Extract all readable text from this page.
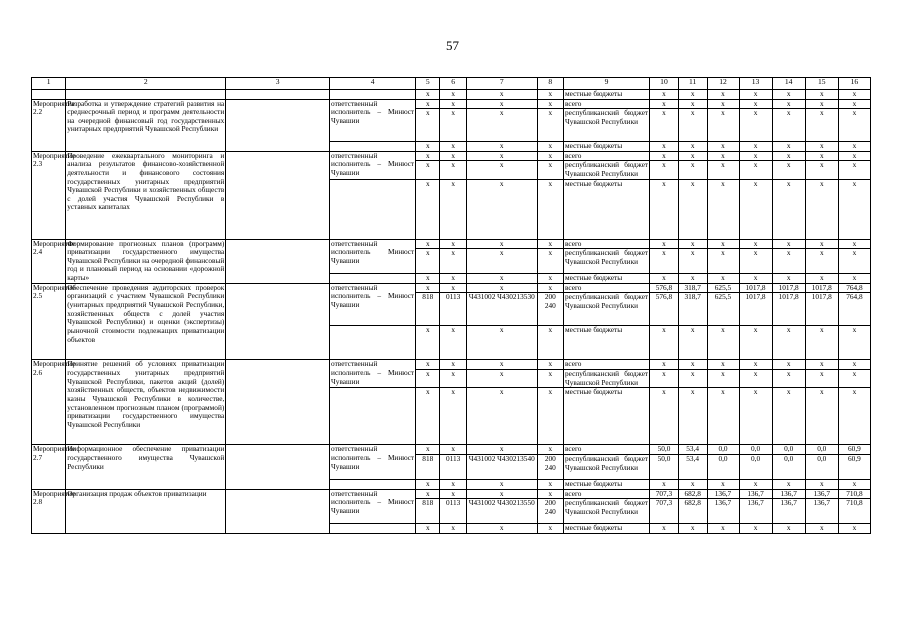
57
1	2	3	4	5	6	7	8	9	10	11	12	13	14	15	16
				x	x	x	x	местные бюджеты	x	x	x	x	x	x	x
Мероприятие 2.2	Разработка и утверждение стратегий развития на среднесрочный период и программ деятельности на очередной финансовый год государственных унитарных предприятий Чувашской Республики		ответственный исполнитель – Минюст Чувашии	x	x	x	x	всего	x	x	x	x	x	x	x
				x	x	x	x	республиканский бюджет Чувашской Республики	x	x	x	x	x	x	x
				x	x	x	x	местные бюджеты	x	x	x	x	x	x	x
Мероприятие 2.3	Проведение ежеквартального мониторинга и анализа результатов финансово-хозяйственной деятельности и финансового состояния государственных унитарных предприятий Чувашской Республики и хозяйственных обществ с долей участия Чувашской Республики в уставных капиталах		ответственный исполнитель – Минюст Чувашии	x	x	x	x	всего	x	x	x	x	x	x	x
				x	x	x	x	республиканский бюджет Чувашской Республики	x	x	x	x	x	x	x
				x	x	x	x	местные бюджеты	x	x	x	x	x	x	x
Мероприятие 2.4	Формирование прогнозных планов (программ) приватизации государственного имущества Чувашской Республики на очередной финансовый год и плановый период на основании «дорожной карты»		ответственный исполнитель Минюст Чувашии	x	x	x	x	всего	x	x	x	x	x	x	x
				x	x	x	x	республиканский бюджет Чувашской Республики	x	x	x	x	x	x	x
				x	x	x	x	местные бюджеты	x	x	x	x	x	x	x
Мероприятие 2.5	Обеспечение проведения аудиторских проверок организаций с участием Чувашской Республики (унитарных предприятий Чувашской Республики, хозяйственных обществ с долей участия Чувашской Республики) и оценки (экспертизы) рыночной стоимости подлежащих приватизации объектов		ответственный исполнитель – Минюст Чувашии	x	x	x	x	всего	576,8	318,7	625,5	1017,8	1017,8	1017,8	764,8
				818	0113	Ч431002 Ч430213530	200 240	республиканский бюджет Чувашской Республики	576,8	318,7	625,5	1017,8	1017,8	1017,8	764,8
				x	x	x	x	местные бюджеты	x	x	x	x	x	x	x
Мероприятие 2.6	Принятие решений об условиях приватизации государственных унитарных предприятий Чувашской Республики, пакетов акций (долей) хозяйственных обществ, объектов недвижимости казны Чувашской Республики в количестве, установленном прогнозным планом (программой) приватизации государственного имущества Чувашской Республики		ответственный исполнитель – Минюст Чувашии	x	x	x	x	всего	x	x	x	x	x	x	x
				x	x	x	x	республиканский бюджет Чувашской Республики	x	x	x	x	x	x	x
				x	x	x	x	местные бюджеты	x	x	x	x	x	x	x
Мероприятие 2.7	Информационное обеспечение приватизации государственного имущества Чувашской Республики		ответственный исполнитель – Минюст Чувашии	x	x	x	x	всего	50,0	53,4	0,0	0,0	0,0	0,0	60,9
				818	0113	Ч431002 Ч430213540	200 240	республиканский бюджет Чувашской Республики	50,0	53,4	0,0	0,0	0,0	0,0	60,9
				x	x	x	x	местные бюджеты	x	x	x	x	x	x	x
Мероприятие 2.8	Организация продаж объектов приватизации		ответственный исполнитель – Минюст Чувашии	x	x	x	x	всего	707,3	682,8	136,7	136,7	136,7	136,7	710,8
				818	0113	Ч431002 Ч430213550	200 240	республиканский бюджет Чувашской Республики	707,3	682,8	136,7	136,7	136,7	136,7	710,8
				x	x	x	x	местные бюджеты	x	x	x	x	x	x	x
